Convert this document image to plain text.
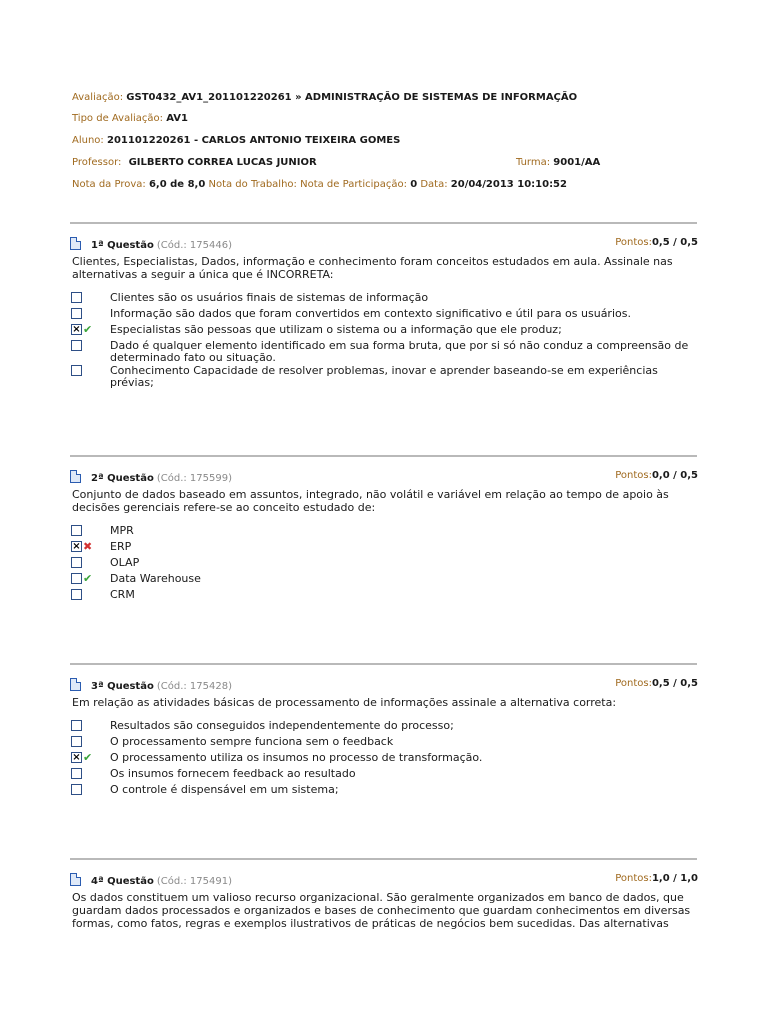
Avaliação: GST0432_AV1_201101220261 » ADMINISTRAÇÃO DE SISTEMAS DE INFORMAÇÃO
Tipo de Avaliação: AV1
Aluno: 201101220261 - CARLOS ANTONIO TEIXEIRA GOMES
Professor: GILBERTO CORREA LUCAS JUNIOR	Turma: 9001/AA
Nota da Prova: 6,0 de 8,0 Nota do Trabalho: Nota de Participação: 0 Data: 20/04/2013 10:10:52
1ª Questão (Cód.: 175446)	Pontos:0,5 / 0,5
Clientes, Especialistas, Dados, informação e conhecimento foram conceitos estudados em aula. Assinale nas alternativas a seguir a única que é INCORRETA:
Clientes são os usuários finais de sistemas de informação
Informação são dados que foram convertidos em contexto significativo e útil para os usuários.
× ✔ Especialistas são pessoas que utilizam o sistema ou a informação que ele produz;
Dado é qualquer elemento identificado em sua forma bruta, que por si só não conduz a compreensão de determinado fato ou situação.
Conhecimento Capacidade de resolver problemas, inovar e aprender baseando-se em experiências prévias;
2ª Questão (Cód.: 175599)	Pontos:0,0 / 0,5
Conjunto de dados baseado em assuntos, integrado, não volátil e variável em relação ao tempo de apoio às decisões gerenciais refere-se ao conceito estudado de:
MPR
× ✖ ERP
OLAP
✔ Data Warehouse
CRM
3ª Questão (Cód.: 175428)	Pontos:0,5 / 0,5
Em relação as atividades básicas de processamento de informações assinale a alternativa correta:
Resultados são conseguidos independentemente do processo;
O processamento sempre funciona sem o feedback
× ✔ O processamento utiliza os insumos no processo de transformação.
Os insumos fornecem feedback ao resultado
O controle é dispensável em um sistema;
4ª Questão (Cód.: 175491)	Pontos:1,0 / 1,0
Os dados constituem um valioso recurso organizacional. São geralmente organizados em banco de dados, que guardam dados processados e organizados e bases de conhecimento que guardam conhecimentos em diversas formas, como fatos, regras e exemplos ilustrativos de práticas de negócios bem sucedidas. Das alternativas
